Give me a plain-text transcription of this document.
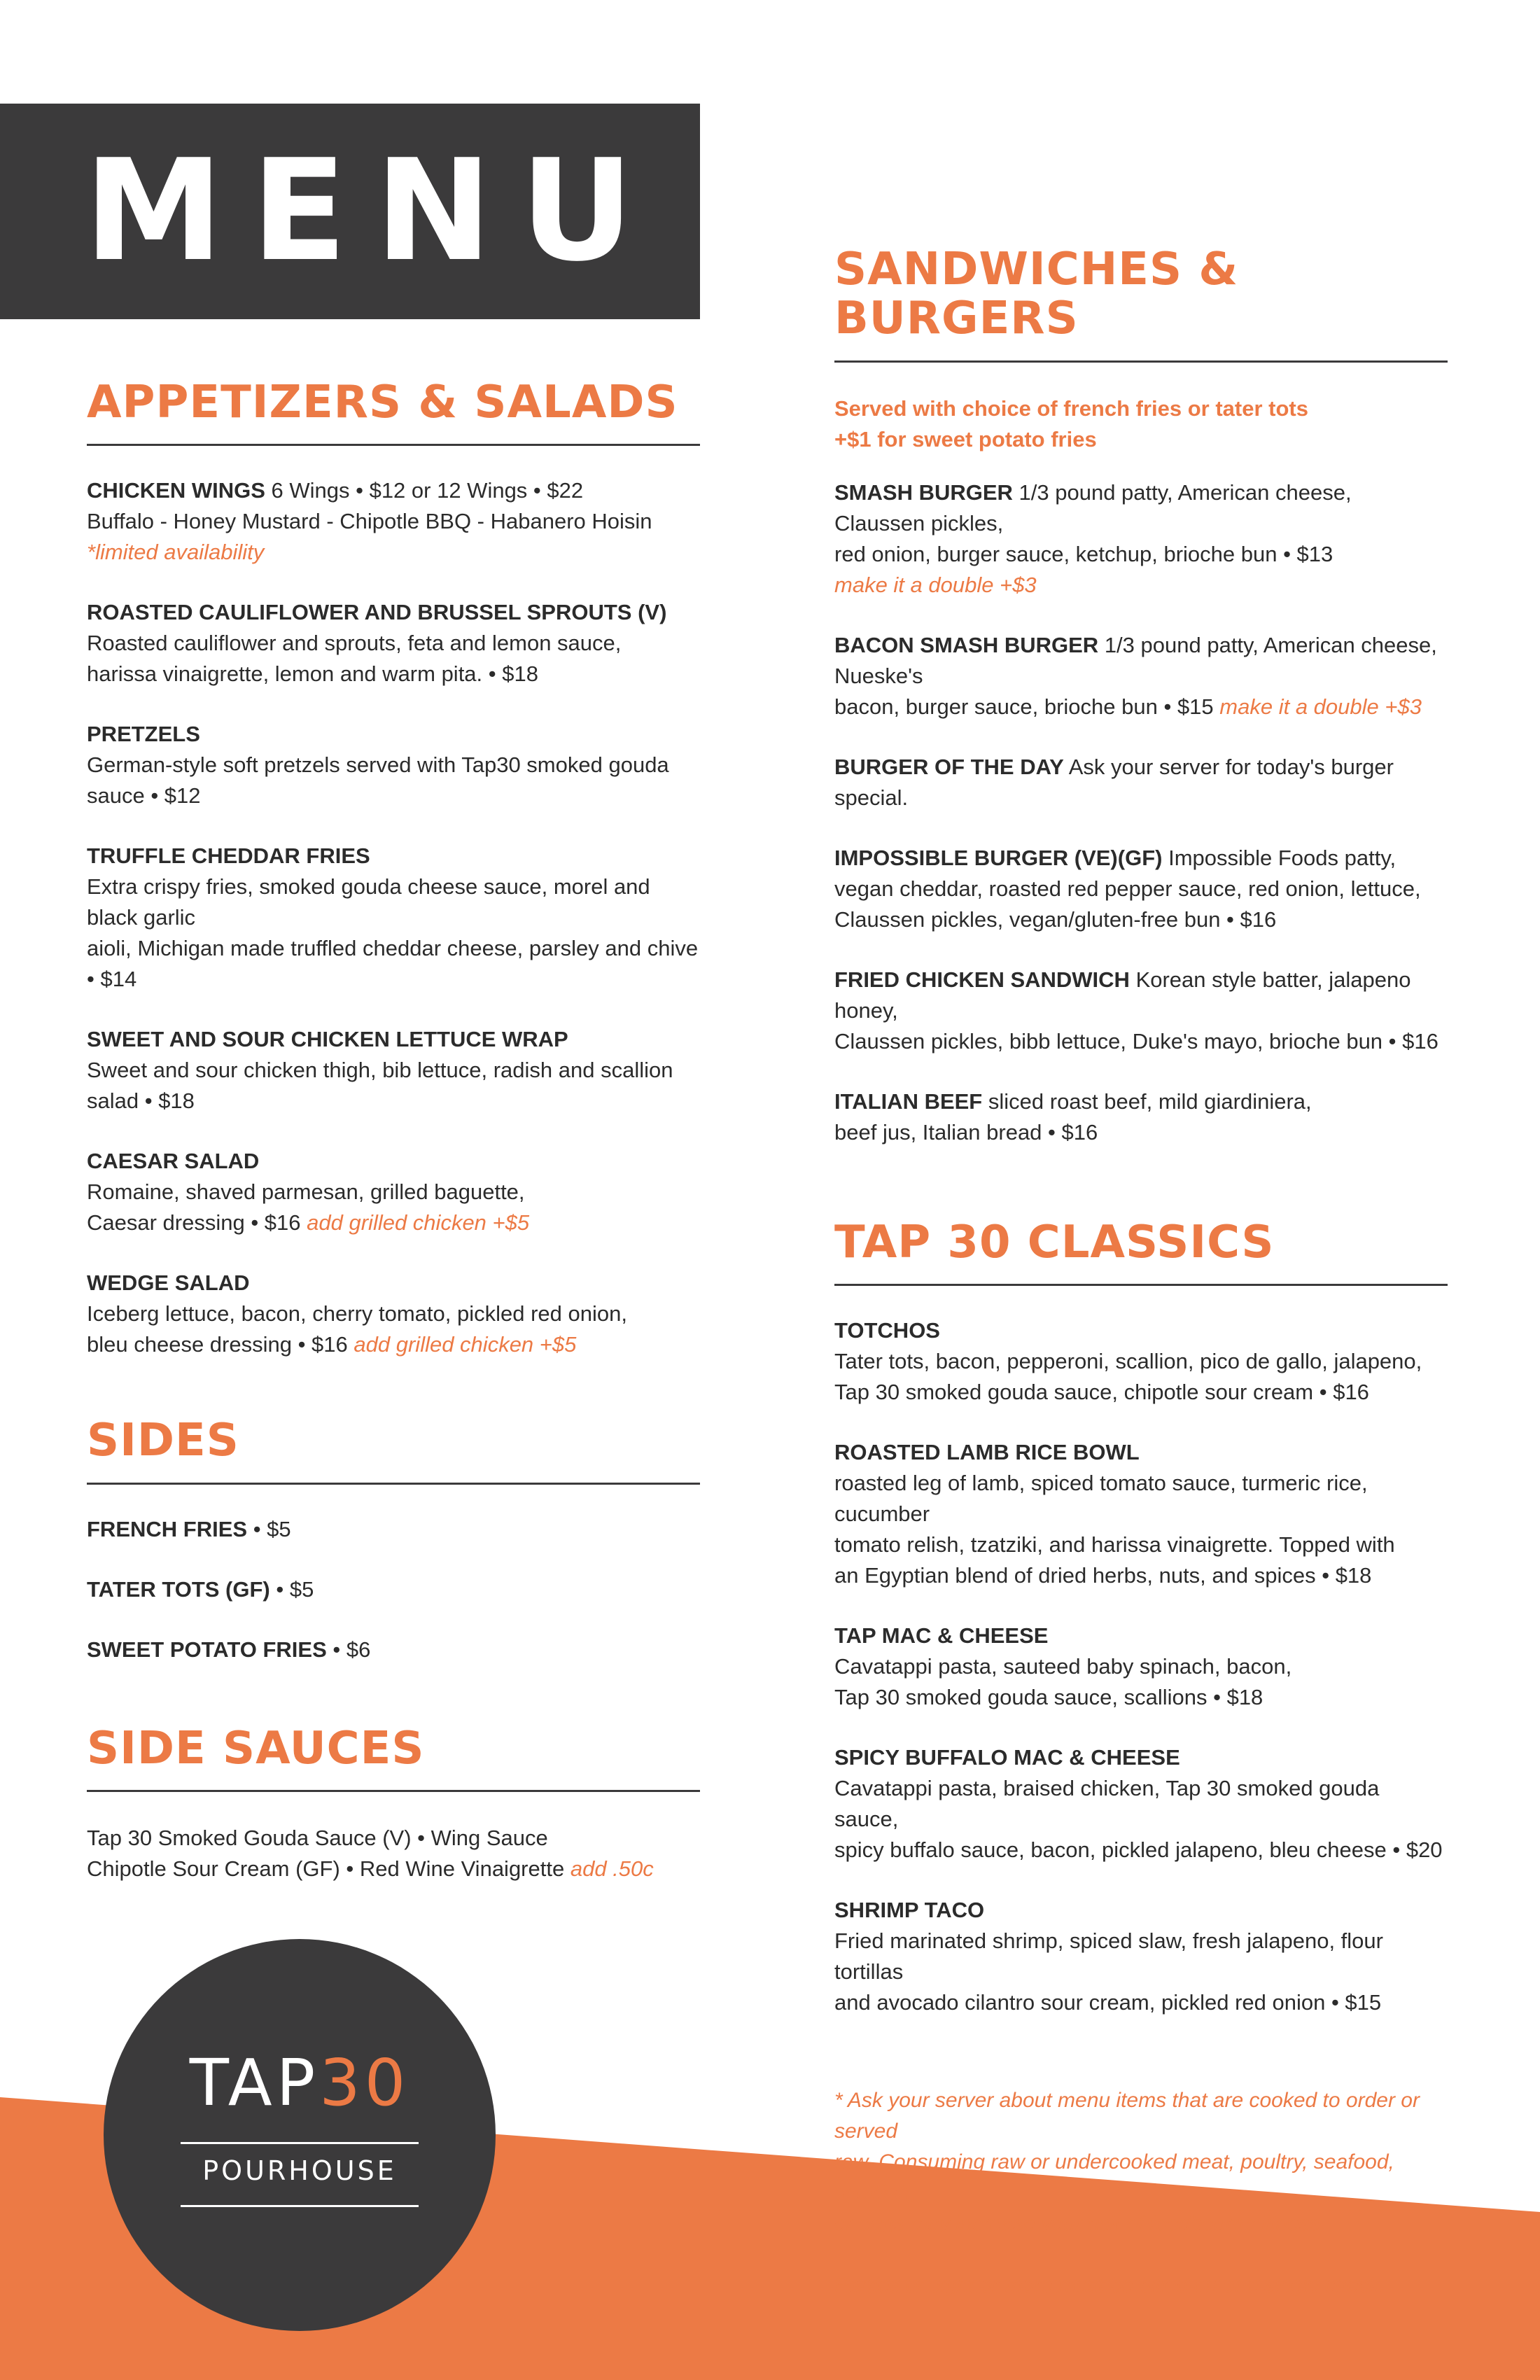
MENU
APPETIZERS & SALADS
CHICKEN WINGS 6 Wings • $12 or 12 Wings • $22
Buffalo - Honey Mustard - Chipotle BBQ - Habanero Hoisin
*limited availability
ROASTED CAULIFLOWER AND BRUSSEL SPROUTS (V)
Roasted cauliflower and sprouts, feta and lemon sauce,
harissa vinaigrette, lemon and warm pita. • $18
PRETZELS
German-style soft pretzels served with Tap30 smoked gouda sauce • $12
TRUFFLE CHEDDAR FRIES
Extra crispy fries, smoked gouda cheese sauce, morel and black garlic
aioli, Michigan made truffled cheddar cheese, parsley and chive • $14
SWEET AND SOUR CHICKEN LETTUCE WRAP
Sweet and sour chicken thigh, bib lettuce, radish and scallion salad • $18
CAESAR SALAD
Romaine, shaved parmesan, grilled baguette,
Caesar dressing • $16 add grilled chicken +$5
WEDGE SALAD
Iceberg lettuce, bacon, cherry tomato, pickled red onion,
bleu cheese dressing • $16 add grilled chicken +$5
SIDES
FRENCH FRIES • $5
TATER TOTS (GF) • $5
SWEET POTATO FRIES • $6
SIDE SAUCES
Tap 30 Smoked Gouda Sauce (V) • Wing Sauce
Chipotle Sour Cream (GF) • Red Wine Vinaigrette add .50c
SANDWICHES & BURGERS
Served with choice of french fries or tater tots
+$1 for sweet potato fries
SMASH BURGER 1/3 pound patty, American cheese, Claussen pickles,
red onion, burger sauce, ketchup, brioche bun • $13
make it a double +$3
BACON SMASH BURGER 1/3 pound patty, American cheese, Nueske's
bacon, burger sauce, brioche bun • $15 make it a double +$3
BURGER OF THE DAY Ask your server for today's burger special.
IMPOSSIBLE BURGER (VE)(GF) Impossible Foods patty,
vegan cheddar, roasted red pepper sauce, red onion, lettuce,
Claussen pickles, vegan/gluten-free bun • $16
FRIED CHICKEN SANDWICH Korean style batter, jalapeno honey,
Claussen pickles, bibb lettuce, Duke's mayo, brioche bun • $16
ITALIAN BEEF sliced roast beef, mild giardiniera,
beef jus, Italian bread • $16
TAP 30 CLASSICS
TOTCHOS
Tater tots, bacon, pepperoni, scallion, pico de gallo, jalapeno,
Tap 30 smoked gouda sauce, chipotle sour cream • $16
ROASTED LAMB RICE BOWL
roasted leg of lamb, spiced tomato sauce, turmeric rice, cucumber
tomato relish, tzatziki, and harissa vinaigrette. Topped with
an Egyptian blend of dried herbs, nuts, and spices • $18
TAP MAC & CHEESE
Cavatappi pasta, sauteed baby spinach, bacon,
Tap 30 smoked gouda sauce, scallions • $18
SPICY BUFFALO MAC & CHEESE
Cavatappi pasta, braised chicken, Tap 30 smoked gouda sauce,
spicy buffalo sauce, bacon, pickled jalapeno, bleu cheese • $20
SHRIMP TACO
Fried marinated shrimp, spiced slaw, fresh jalapeno, flour tortillas
and avocado cilantro sour cream, pickled red onion • $15
* Ask your server about menu items that are cooked to order or served
raw. Consuming raw or undercooked meat, poultry, seafood, shellfish,
or eggs may increase your risk of foodbourne illness.
Parties of eight or more must be billed on one single check.
TAP30
POURHOUSE
